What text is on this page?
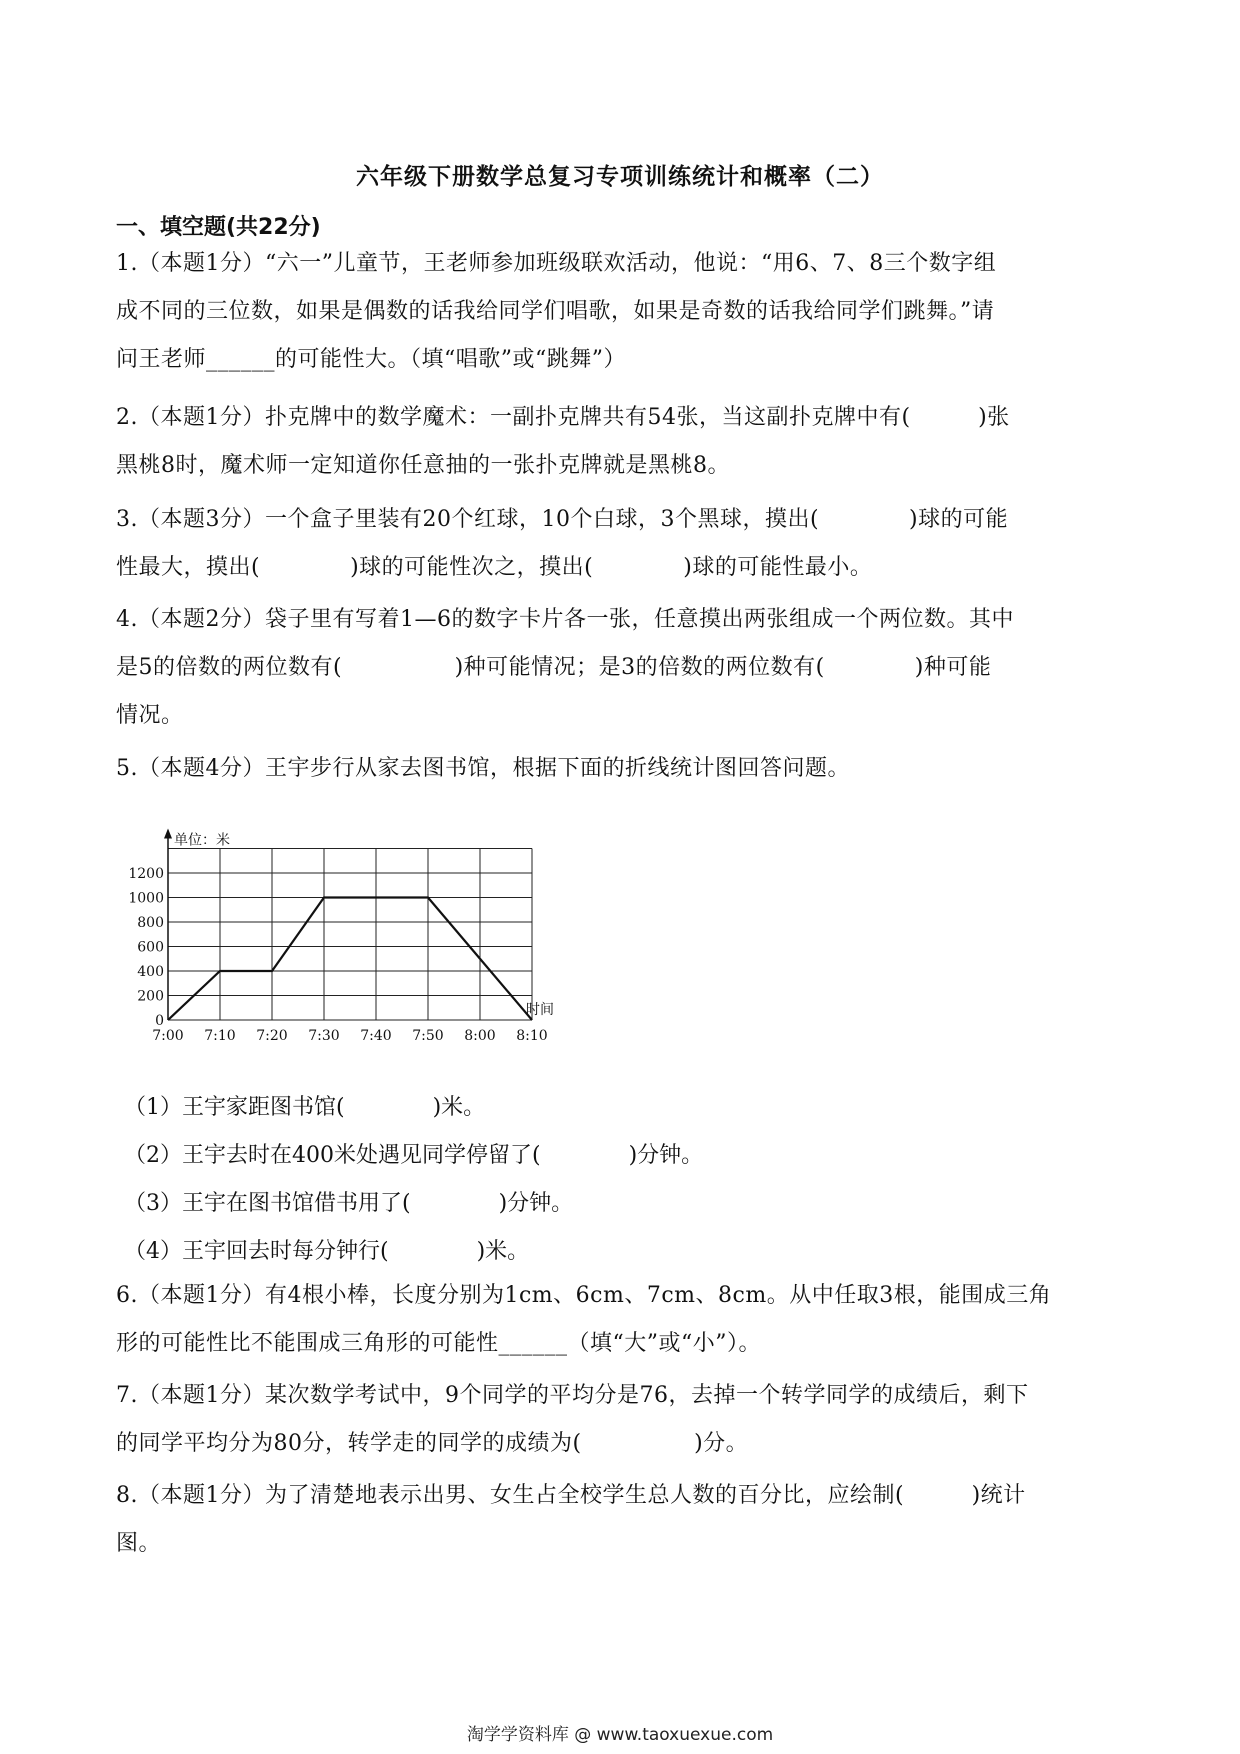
六年级下册数学总复习专项训练统计和概率（二）
一、填空题(共22分)
1.（本题1分）“六一”儿童节，王老师参加班级联欢活动，他说：“用6、7、8三个数字组
成不同的三位数，如果是偶数的话我给同学们唱歌，如果是奇数的话我给同学们跳舞。”请
问王老师______的可能性大。（填“唱歌”或“跳舞”）
2.（本题1分）扑克牌中的数学魔术：一副扑克牌共有54张，当这副扑克牌中有(　　　)张
黑桃8时，魔术师一定知道你任意抽的一张扑克牌就是黑桃8。
3.（本题3分）一个盒子里装有20个红球，10个白球，3个黑球，摸出(　　　　)球的可能
性最大，摸出(　　　　)球的可能性次之，摸出(　　　　)球的可能性最小。
4.（本题2分）袋子里有写着1—6的数字卡片各一张，任意摸出两张组成一个两位数。其中
是5的倍数的两位数有(　　　　　)种可能情况；是3的倍数的两位数有(　　　　)种可能
情况。
5.（本题4分）王宇步行从家去图书馆，根据下面的折线统计图回答问题。
单位：米
时间
0
200
400
600
800
1000
1200
7:00 7:10 7:20 7:30 7:40 7:50 8:00 8:10
（1）王宇家距图书馆(　　　　)米。
（2）王宇去时在400米处遇见同学停留了(　　　　)分钟。
（3）王宇在图书馆借书用了(　　　　)分钟。
（4）王宇回去时每分钟行(　　　　)米。
6.（本题1分）有4根小棒，长度分别为1cm、6cm、7cm、8cm。从中任取3根，能围成三角
形的可能性比不能围成三角形的可能性______（填“大”或“小”）。
7.（本题1分）某次数学考试中，9个同学的平均分是76，去掉一个转学同学的成绩后，剩下
的同学平均分为80分，转学走的同学的成绩为(　　　　　)分。
8.（本题1分）为了清楚地表示出男、女生占全校学生总人数的百分比，应绘制(　　　)统计
图。
淘学学资料库 @ www.taoxuexue.com
